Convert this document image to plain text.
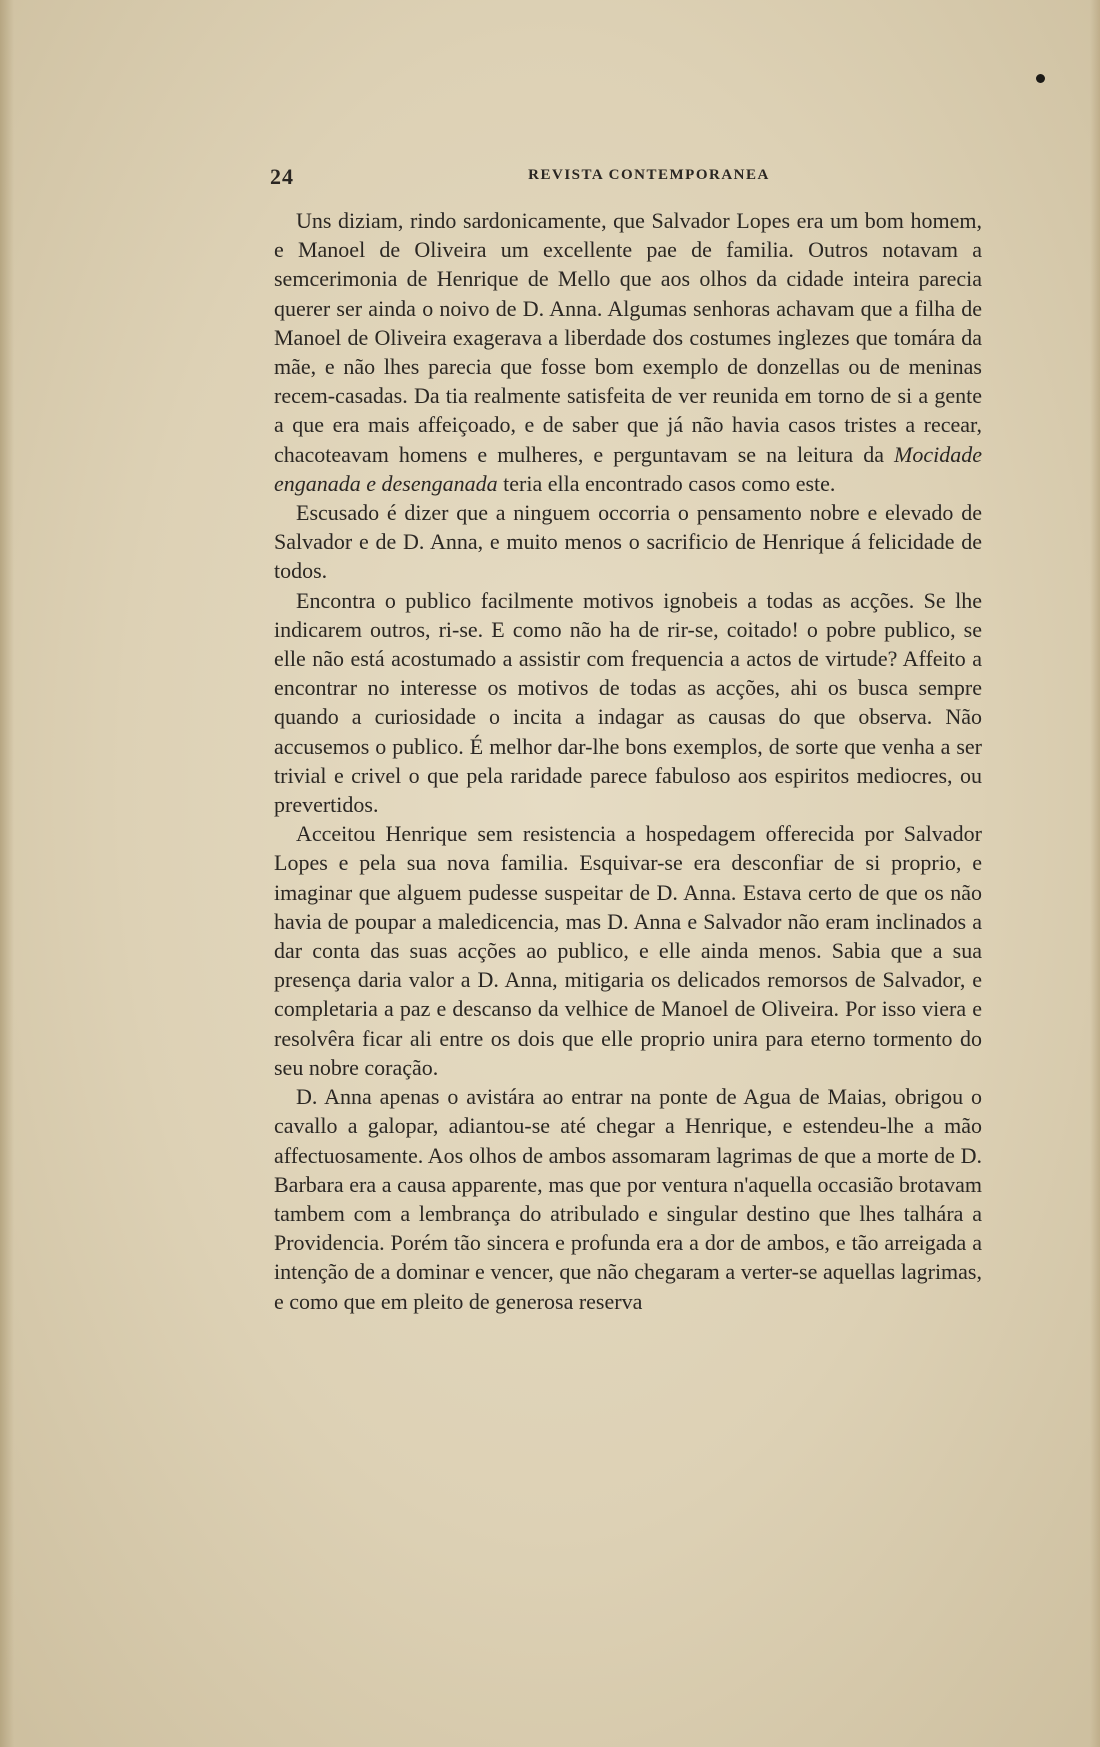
24	REVISTA CONTEMPORANEA

Uns diziam, rindo sardonicamente, que Salvador Lopes era um bom homem, e Manoel de Oliveira um excellente pae de familia. Outros notavam a semcerimonia de Henrique de Mello que aos olhos da cidade inteira parecia querer ser ainda o noivo de D. Anna. Algumas senhoras achavam que a filha de Manoel de Oliveira exagerava a liberdade dos costumes inglezes que tomára da mãe, e não lhes parecia que fosse bom exemplo de donzellas ou de meninas recem-casadas. Da tia realmente satisfeita de ver reunida em torno de si a gente a que era mais affeiçoado, e de saber que já não havia casos tristes a recear, chacoteavam homens e mulheres, e perguntavam se na leitura da Mocidade enganada e desenganada teria ella encontrado casos como este.

Escusado é dizer que a ninguem occorria o pensamento nobre e elevado de Salvador e de D. Anna, e muito menos o sacrificio de Henrique á felicidade de todos.

Encontra o publico facilmente motivos ignobeis a todas as acções. Se lhe indicarem outros, ri-se. E como não ha de rir-se, coitado! o pobre publico, se elle não está acostumado a assistir com frequencia a actos de virtude? Affeito a encontrar no interesse os motivos de todas as acções, ahi os busca sempre quando a curiosidade o incita a indagar as causas do que observa. Não accusemos o publico. É melhor dar-lhe bons exemplos, de sorte que venha a ser trivial e crivel o que pela raridade parece fabuloso aos espiritos mediocres, ou prevertidos.

Acceitou Henrique sem resistencia a hospedagem offerecida por Salvador Lopes e pela sua nova familia. Esquivar-se era desconfiar de si proprio, e imaginar que alguem pudesse suspeitar de D. Anna. Estava certo de que os não havia de poupar a maledicencia, mas D. Anna e Salvador não eram inclinados a dar conta das suas acções ao publico, e elle ainda menos. Sabia que a sua presença daria valor a D. Anna, mitigaria os delicados remorsos de Salvador, e completaria a paz e descanso da velhice de Manoel de Oliveira. Por isso viera e resolvêra ficar ali entre os dois que elle proprio unira para eterno tormento do seu nobre coração.

D. Anna apenas o avistára ao entrar na ponte de Agua de Maias, obrigou o cavallo a galopar, adiantou-se até chegar a Henrique, e estendeu-lhe a mão affectuosamente. Aos olhos de ambos assomaram lagrimas de que a morte de D. Barbara era a causa apparente, mas que por ventura n'aquella occasião brotavam tambem com a lembrança do atribulado e singular destino que lhes talhára a Providencia. Porém tão sincera e profunda era a dor de ambos, e tão arreigada a intenção de a dominar e vencer, que não chegaram a verter-se aquellas lagrimas, e como que em pleito de generosa reserva
